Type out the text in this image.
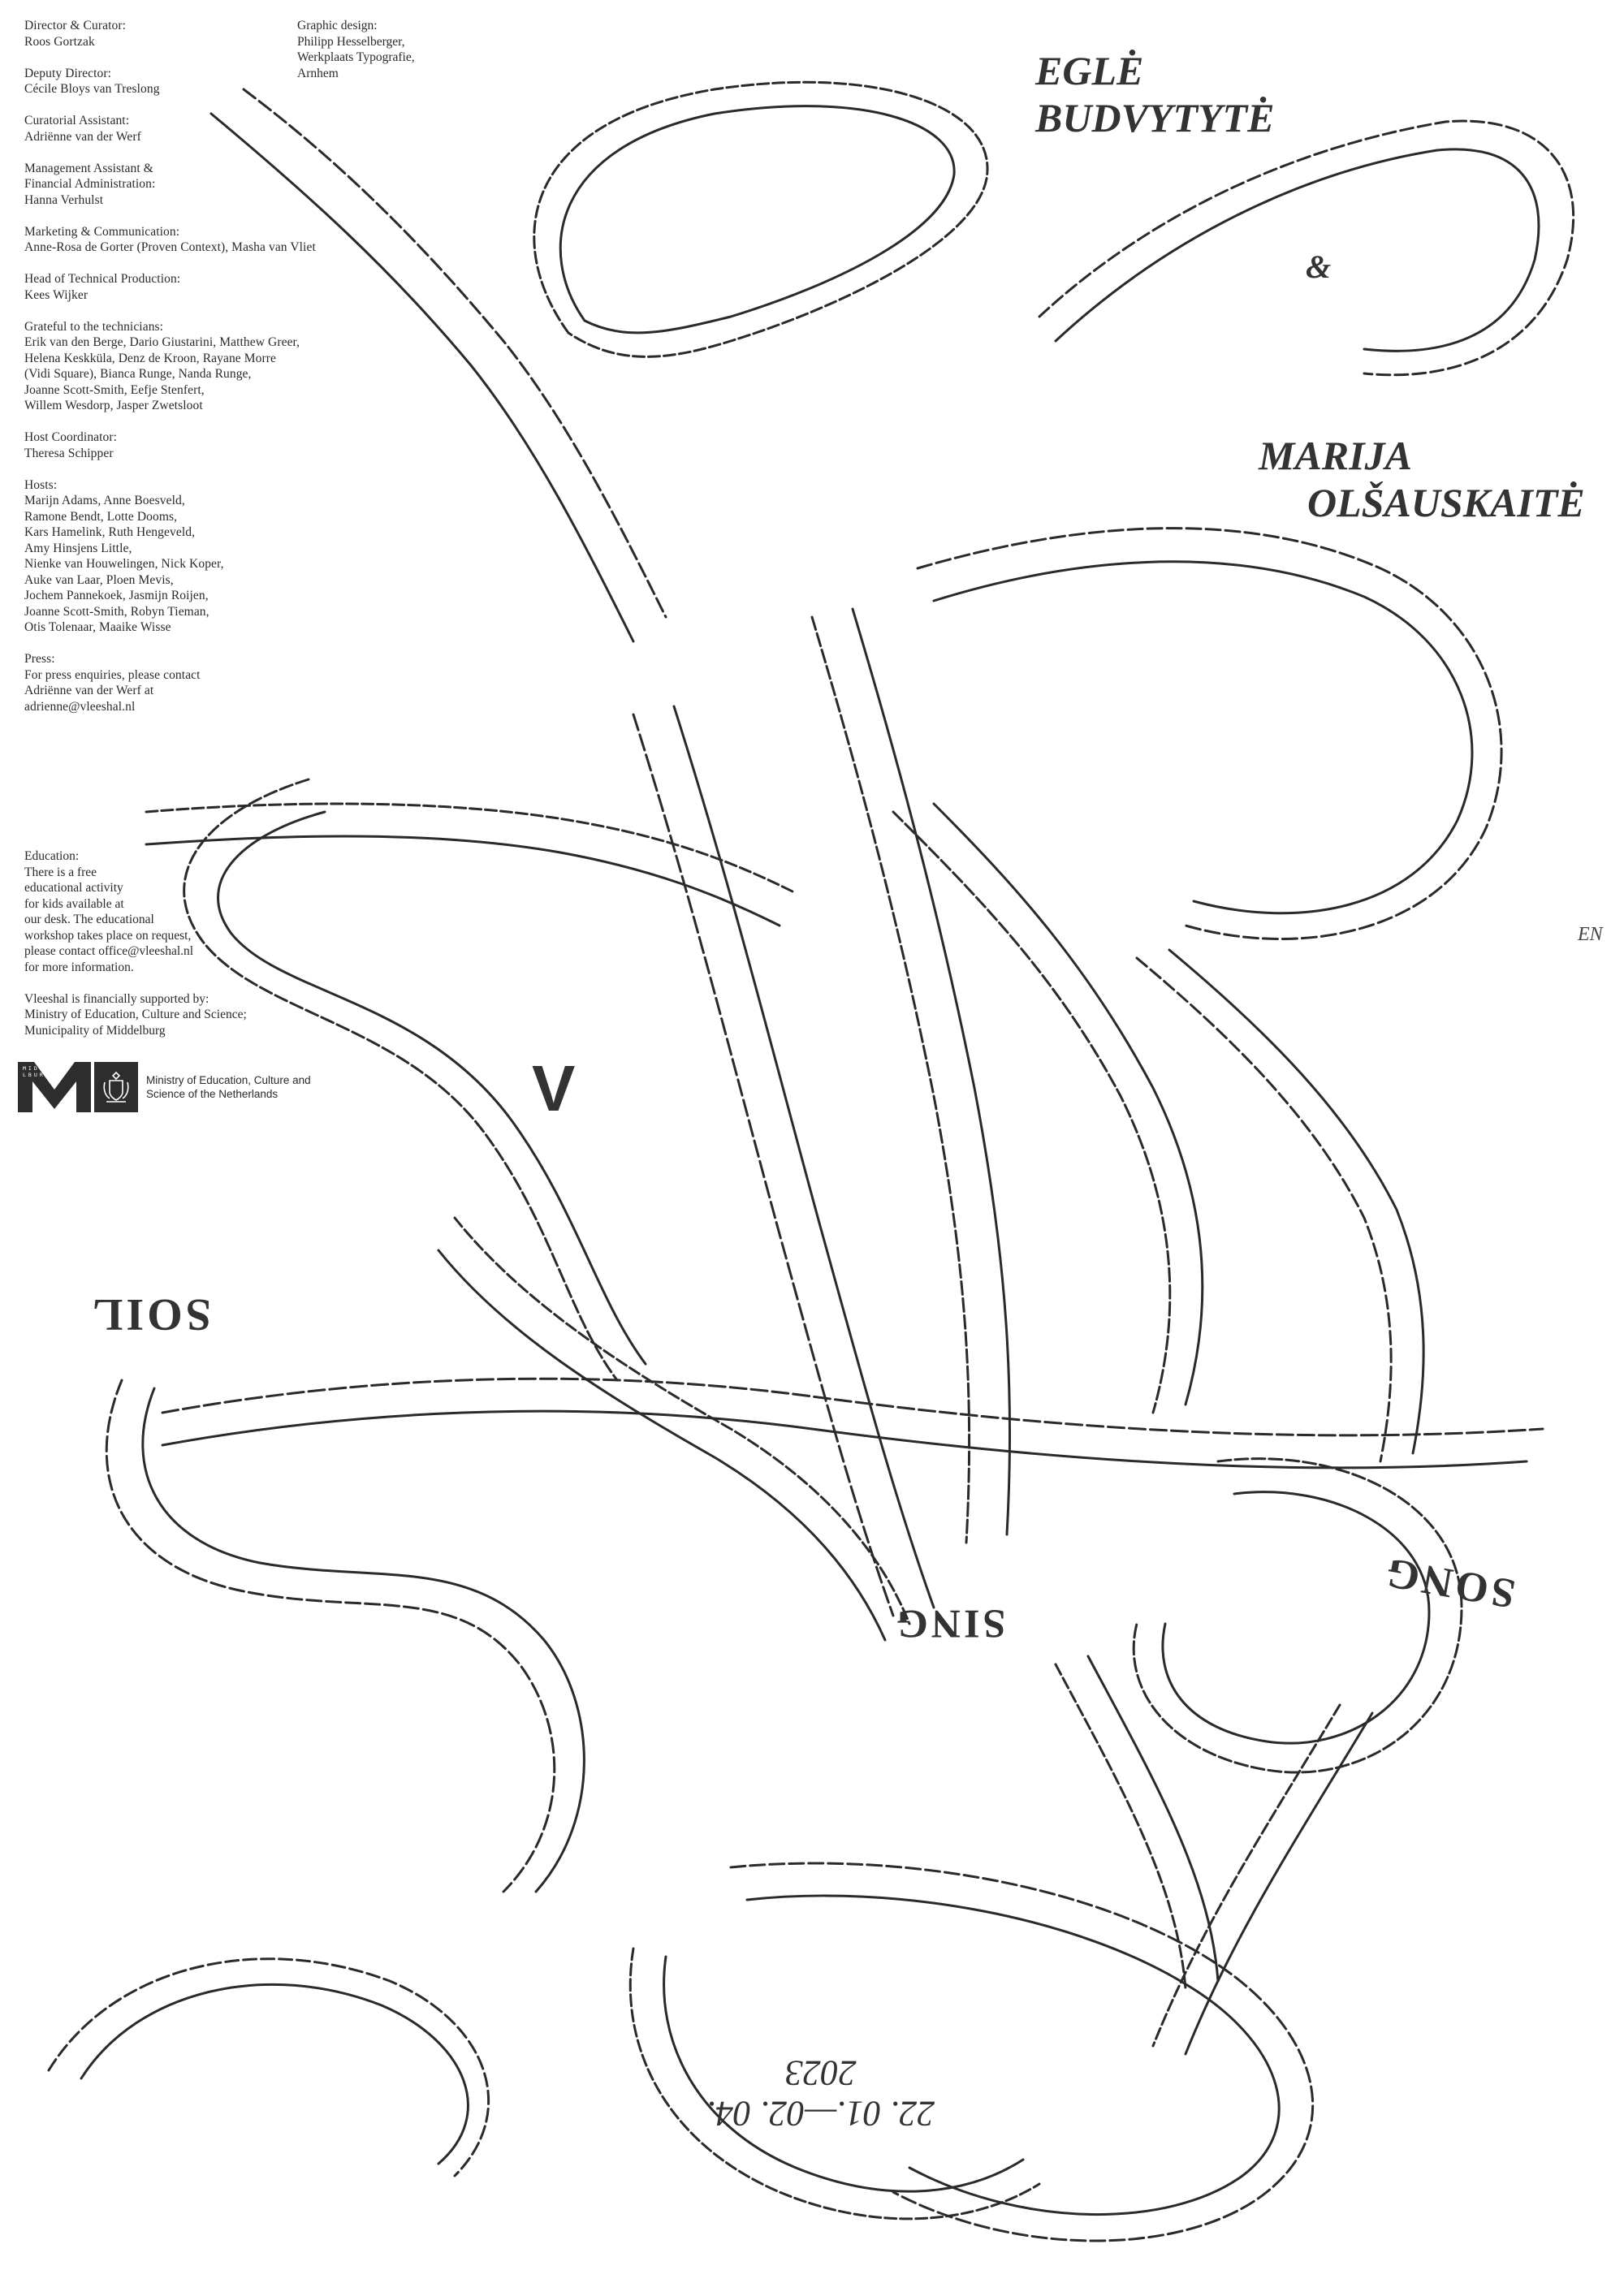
Director & Curator:
Roos Gortzak
Deputy Director:
Cécile Bloys van Treslong
Curatorial Assistant:
Adriënne van der Werf
Management Assistant &
Financial Administration:
Hanna Verhulst
Marketing & Communication:
Anne-Rosa de Gorter (Proven Context), Masha van Vliet
Head of Technical Production:
Kees Wijker
Grateful to the technicians:
Erik van den Berge, Dario Giustarini, Matthew Greer,
Helena Keskküla, Denz de Kroon, Rayane Morre
(Vidi Square), Bianca Runge, Nanda Runge,
Joanne Scott-Smith, Eefje Stenfert,
Willem Wesdorp, Jasper Zwetsloot
Host Coordinator:
Theresa Schipper
Hosts:
Marijn Adams, Anne Boesveld,
Ramone Bendt, Lotte Dooms,
Kars Hamelink, Ruth Hengeveld,
Amy Hinsjens Little,
Nienke van Houwelingen, Nick Koper,
Auke van Laar, Ploen Mevis,
Jochem Pannekoek, Jasmijn Roijen,
Joanne Scott-Smith, Robyn Tieman,
Otis Tolenaar, Maaike Wisse
Press:
For press enquiries, please contact
Adriënne van der Werf at
adrienne@vleeshal.nl
Graphic design:
Philipp Hesselberger,
Werkplaats Typografie,
Arnhem
Education:
There is a free
educational activity
for kids available at
our desk. The educational
workshop takes place on request,
please contact office@vleeshal.nl
for more information.
Vleeshal is financially supported by:
Ministry of Education, Culture and Science;
Municipality of Middelburg
MIDDELBURG	Ministry of Education, Culture and
Science of the Netherlands
EGLĖ
BUDVYTYTĖ
&
MARIJA
OLŠAUSKAITĖ
V
EN
SOIL
SING
SONG
22. 01.—02. 04.
2023
